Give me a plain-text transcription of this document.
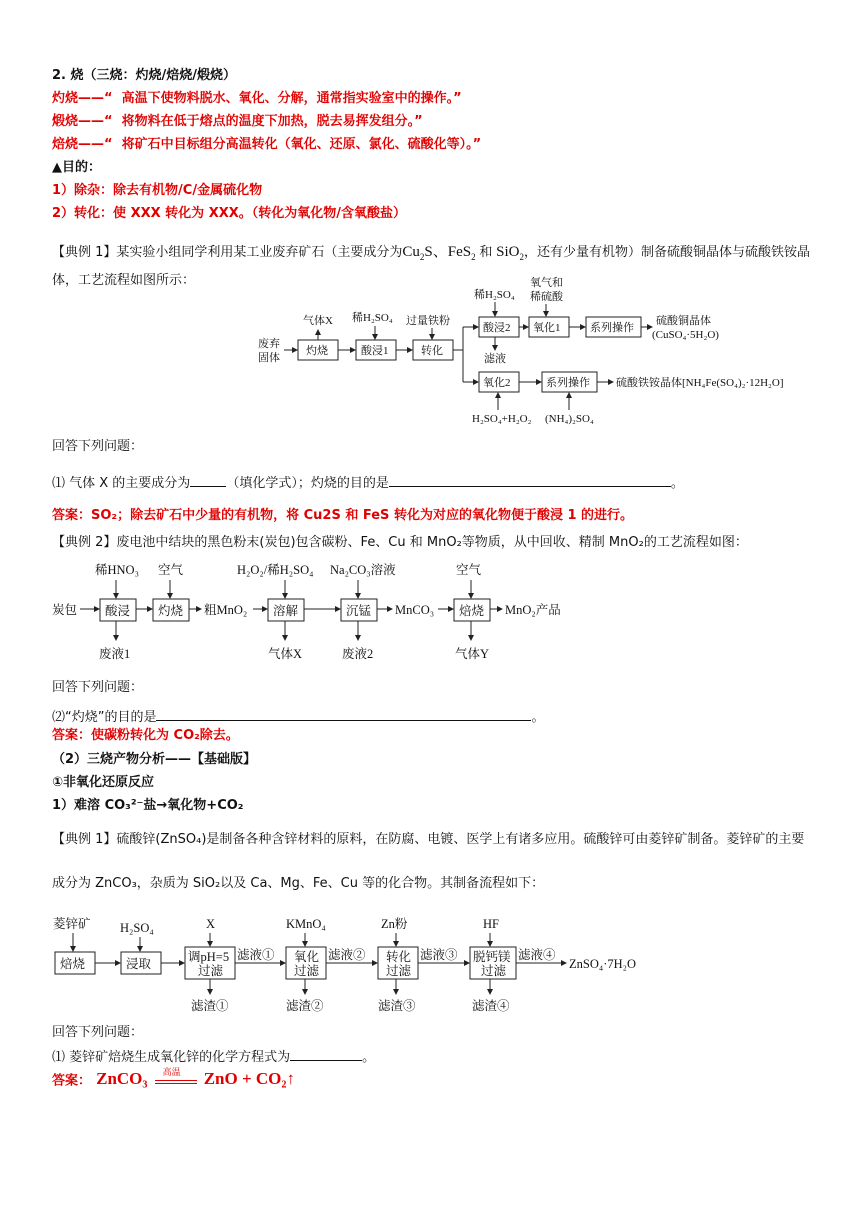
2. 烧（三烧：灼烧/焙烧/煅烧）
灼烧——“ 高温下使物料脱水、氧化、分解，通常指实验室中的操作。”
煅烧——“ 将物料在低于熔点的温度下加热，脱去易挥发组分。”
焙烧——“ 将矿石中目标组分高温转化（氧化、还原、氯化、硫酸化等）。”
▲目的：
1）除杂：除去有机物/C/金属硫化物
2）转化：使 XXX 转化为 XXX。（转化为氧化物/含氧酸盐）
【典例 1】某实验小组同学利用某工业废弃矿石（主要成分为$Cu_2S$、FeS$_2$ 和 SiO$_2$，还有少量有机物）制备硫酸铜晶体与硫酸铁铵晶
体，工艺流程如图所示：
废弃
固体
灼烧
气体X 稀H₂SO₄
酸浸1
过量铁粉
转化
稀H₂SO₄
酸浸2
滤液
氧气和
稀硫酸
氧化1	系列操作
硫酸铜晶体
(CuSO₄·5H₂O)
氧化2
H₂SO₄+H₂O₂
系列操作
(NH₄)₂SO₄
硫酸铁铵晶体[NH₄Fe(SO₄)₂·12H₂O]
回答下列问题：
⑴ 气体 X 的主要成分为	（填化学式）；灼烧的目的是	。
答案：SO₂；除去矿石中少量的有机物，将 Cu2S 和 FeS 转化为对应的氧化物便于酸浸 1 的进行。
【典例 2】废电池中结块的黑色粉末(炭包)包含碳粉、Fe、Cu 和 MnO₂等物质，从中回收、精制 MnO₂的工艺流程如图：
稀HNO₃ 空气	H₂O₂/稀H₂SO₄ Na₂CO₃溶液	空气
炭包 酸浸
废液1
灼烧 粗MnO₂ 溶解
气体X
沉锰
废液2
MnCO₃ 焙烧
气体Y
MnO₂产品
回答下列问题：
⑵“灼烧”的目的是	。
答案：使碳粉转化为 CO₂除去。
（2）三烧产物分析——【基础版】
①非氧化还原反应
1）难溶 CO₃²⁻盐→氧化物+CO₂
【典例 1】硫酸锌(ZnSO₄)是制备各种含锌材料的原料，在防腐、电镀、医学上有诸多应用。硫酸锌可由菱锌矿制备。菱锌矿的主要
成分为 ZnCO₃，杂质为 SiO₂以及 Ca、Mg、Fe、Cu 等的化合物。其制备流程如下：
菱锌矿
焙烧
H₂SO₄
浸取
X
调pH=5
过滤
滤渣①
滤液①
KMnO₄
氧化
过滤
滤渣②
滤液②
Zn粉
转化
过滤
滤渣③
滤液③
HF
脱钙镁
过滤
滤渣④
滤液④
ZnSO₄·7H₂O
回答下列问题：
⑴ 菱锌矿焙烧生成氧化锌的化学方程式为	。
答案： ZnCO₃ 高温 ZnO + CO₂↑
